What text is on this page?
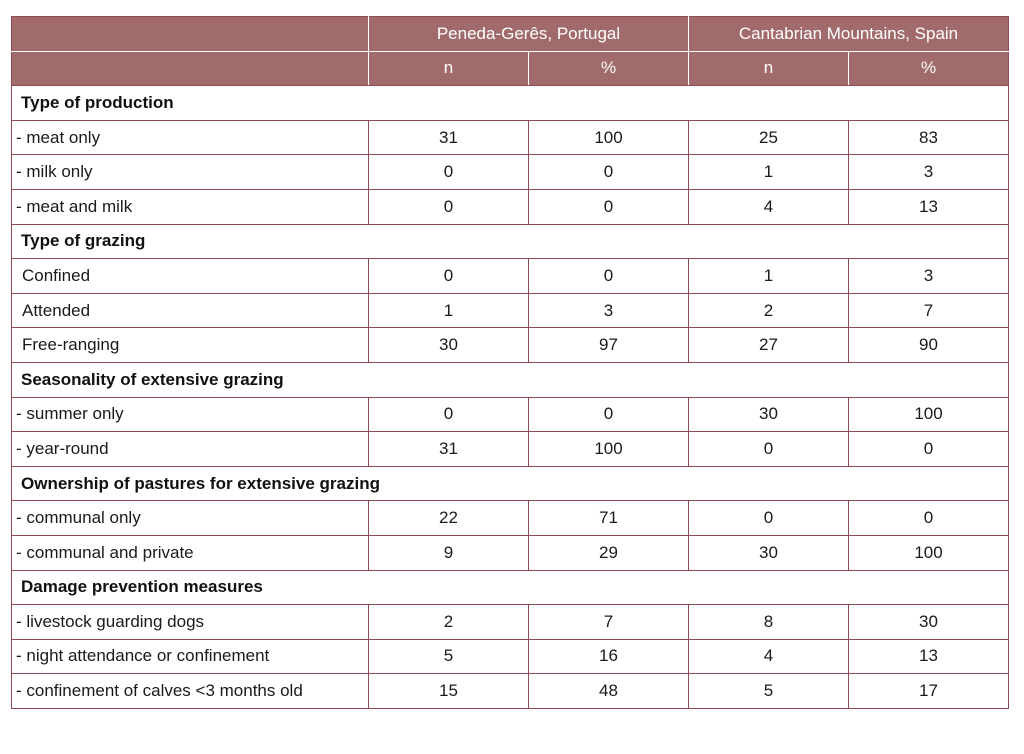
	Peneda-Gerês, Portugal		Cantabrian Mountains, Spain	
	n	%	n	%
Type of production				
- meat only	31	100	25	83
- milk only	0	0	1	3
- meat and milk	0	0	4	13
Type of grazing				
Confined	0	0	1	3
Attended	1	3	2	7
Free-ranging	30	97	27	90
Seasonality of extensive grazing				
- summer only	0	0	30	100
- year-round	31	100	0	0
Ownership of pastures for extensive grazing				
- communal only	22	71	0	0
- communal and private	9	29	30	100
Damage prevention measures				
- livestock guarding dogs	2	7	8	30
- night attendance or confinement	5	16	4	13
- confinement of calves <3 months old	15	48	5	17
